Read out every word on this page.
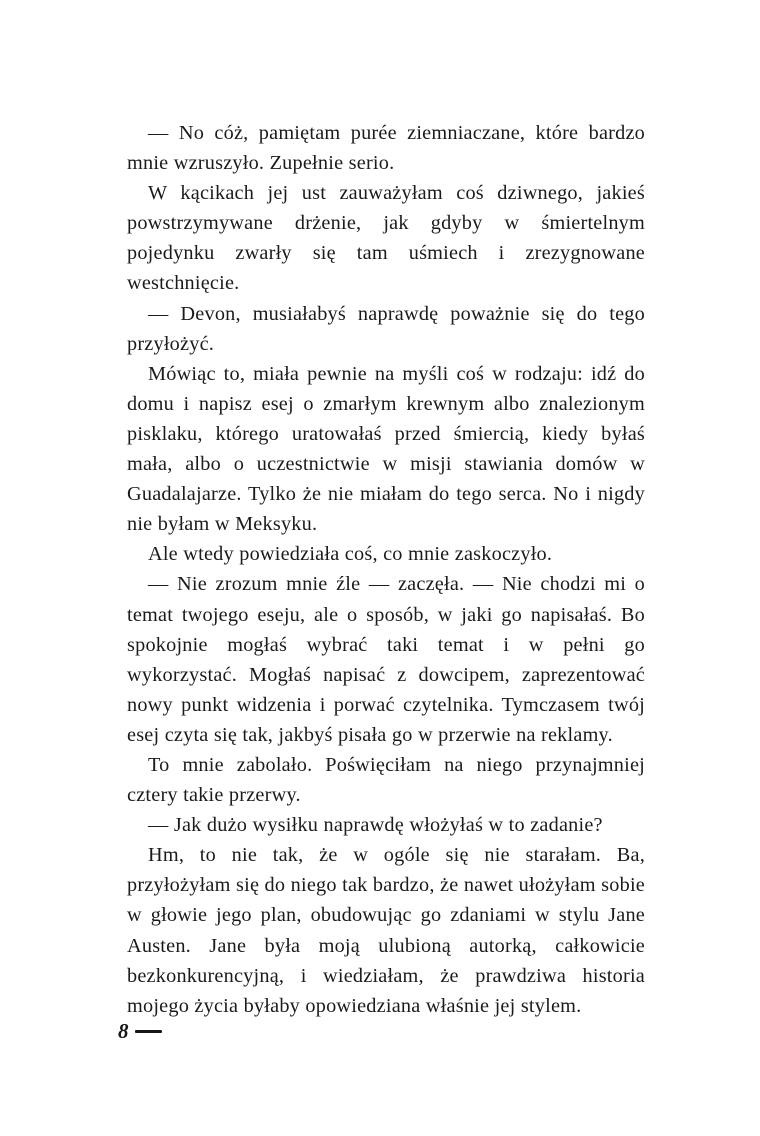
— No cóż, pamiętam purée ziemniaczane, które bardzo mnie wzruszyło. Zupełnie serio.

W kącikach jej ust zauważyłam coś dziwnego, jakieś powstrzymywane drżenie, jak gdyby w śmiertelnym pojedynku zwarły się tam uśmiech i zrezygnowane westchnięcie.

— Devon, musiałabyś naprawdę poważnie się do tego przyłożyć.

Mówiąc to, miała pewnie na myśli coś w rodzaju: idź do domu i napisz esej o zmarłym krewnym albo znalezionym pisklaku, którego uratowałaś przed śmiercią, kiedy byłaś mała, albo o uczestnictwie w misji stawiania domów w Guadalajarze. Tylko że nie miałam do tego serca. No i nigdy nie byłam w Meksyku.

Ale wtedy powiedziała coś, co mnie zaskoczyło.

— Nie zrozum mnie źle — zaczęła. — Nie chodzi mi o temat twojego eseju, ale o sposób, w jaki go napisałaś. Bo spokojnie mogłaś wybrać taki temat i w pełni go wykorzystać. Mogłaś napisać z dowcipem, zaprezentować nowy punkt widzenia i porwać czytelnika. Tymczasem twój esej czyta się tak, jakbyś pisała go w przerwie na reklamy.

To mnie zabolało. Poświęciłam na niego przynajmniej cztery takie przerwy.

— Jak dużo wysiłku naprawdę włożyłaś w to zadanie?

Hm, to nie tak, że w ogóle się nie starałam. Ba, przyłożyłam się do niego tak bardzo, że nawet ułożyłam sobie w głowie jego plan, obudowując go zdaniami w stylu Jane Austen. Jane była moją ulubioną autorką, całkowicie bezkonkurencyjną, i wiedziałam, że prawdziwa historia mojego życia byłaby opowiedziana właśnie jej stylem.

8
